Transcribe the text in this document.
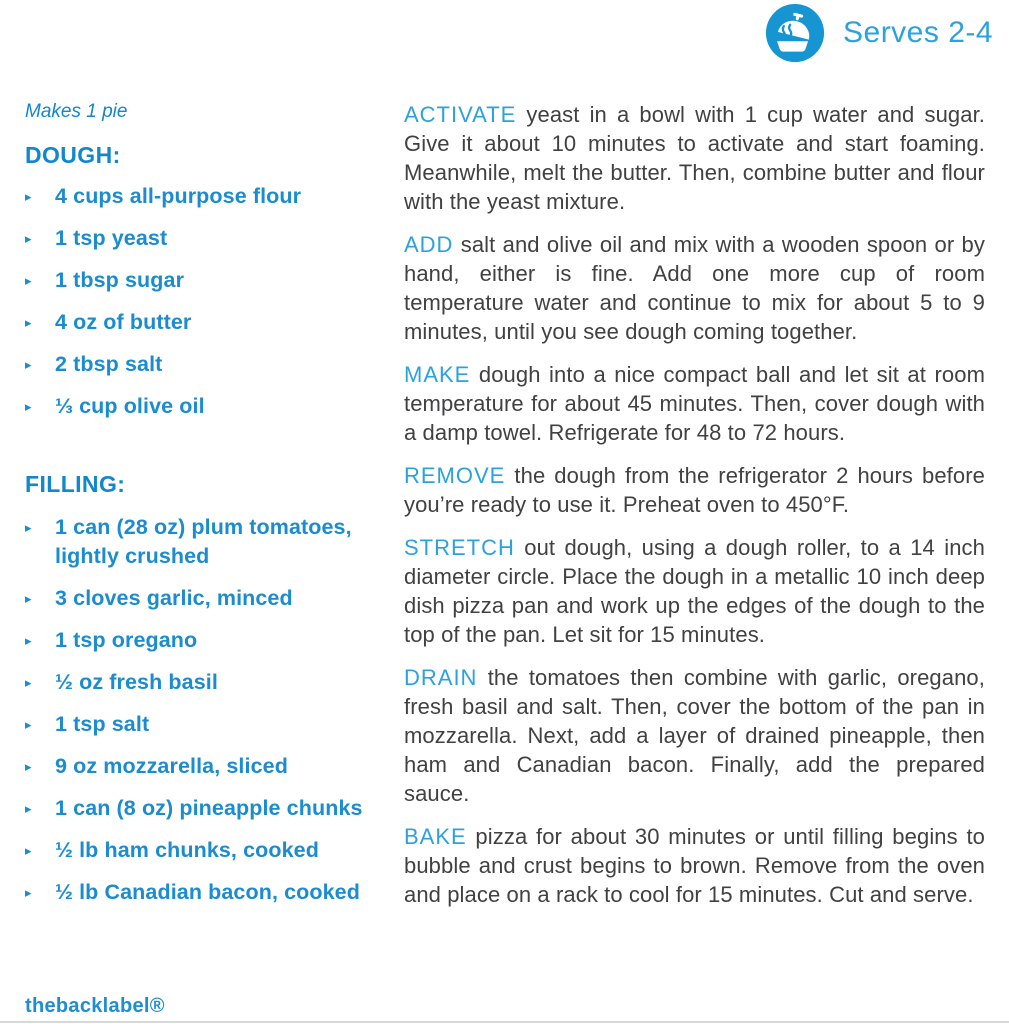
Serves 2-4
Makes 1 pie
DOUGH:
▸	4 cups all-purpose flour
▸	1 tsp yeast
▸	1 tbsp sugar
▸	4 oz of butter
▸	2 tbsp salt
▸	⅓ cup olive oil
FILLING:
▸	1 can (28 oz) plum tomatoes, lightly crushed
▸	3 cloves garlic, minced
▸	1 tsp oregano
▸	½ oz fresh basil
▸	1 tsp salt
▸	9 oz mozzarella, sliced
▸	1 can (8 oz) pineapple chunks
▸	½ lb ham chunks, cooked
▸	½ lb Canadian bacon, cooked

ACTIVATE yeast in a bowl with 1 cup water and sugar. Give it about 10 minutes to activate and start foaming. Meanwhile, melt the butter. Then, combine butter and flour with the yeast mixture.

ADD salt and olive oil and mix with a wooden spoon or by hand, either is fine. Add one more cup of room temperature water and continue to mix for about 5 to 9 minutes, until you see dough coming together.

MAKE dough into a nice compact ball and let sit at room temperature for about 45 minutes. Then, cover dough with a damp towel. Refrigerate for 48 to 72 hours.

REMOVE the dough from the refrigerator 2 hours before you’re ready to use it. Preheat oven to 450°F.

STRETCH out dough, using a dough roller, to a 14 inch diameter circle. Place the dough in a metallic 10 inch deep dish pizza pan and work up the edges of the dough to the top of the pan. Let sit for 15 minutes.

DRAIN the tomatoes then combine with garlic, oregano, fresh basil and salt. Then, cover the bottom of the pan in mozzarella. Next, add a layer of drained pineapple, then ham and Canadian bacon. Finally, add the prepared sauce.

BAKE pizza for about 30 minutes or until filling begins to bubble and crust begins to brown. Remove from the oven and place on a rack to cool for 15 minutes. Cut and serve.

thebacklabel®
